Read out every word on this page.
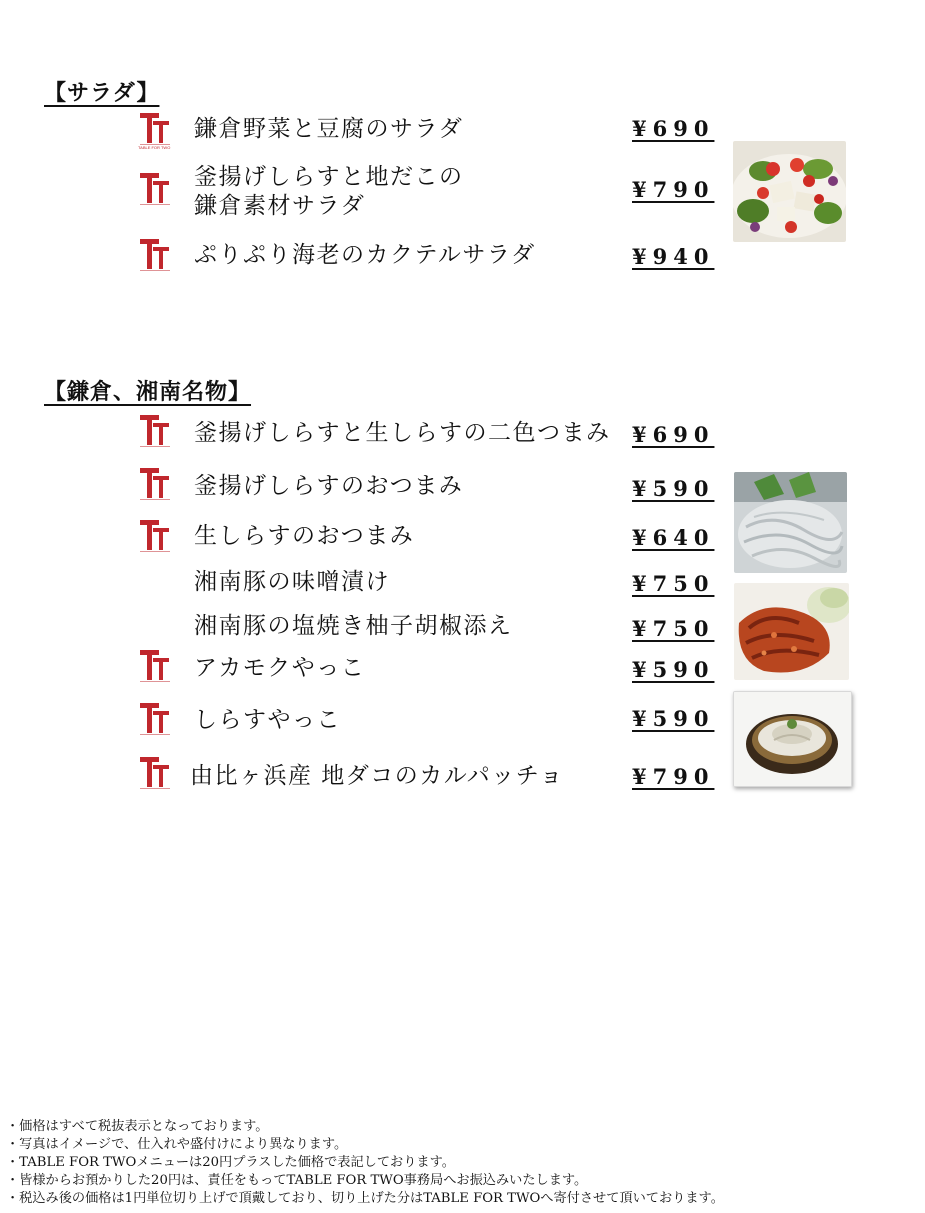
【サラダ】
TABLE FOR TWO
鎌倉野菜と豆腐のサラダ	¥690
釜揚げしらすと地だこの
鎌倉素材サラダ
¥790
ぷりぷり海老のカクテルサラダ	¥940
【鎌倉、湘南名物】
釜揚げしらすと生しらすの二色つまみ ¥690
釜揚げしらすのおつまみ	¥590
生しらすのおつまみ	¥640
湘南豚の味噌漬け	¥750
湘南豚の塩焼き柚子胡椒添え	¥750
アカモクやっこ	¥590
しらすやっこ	¥590
由比ヶ浜産 地ダコのカルパッチョ	¥790
・価格はすべて税抜表示となっております。
・写真はイメージで、仕入れや盛付けにより異なります。
・TABLE FOR TWOメニューは20円プラスした価格で表記しております。
・皆様からお預かりした20円は、責任をもってTABLE FOR TWO事務局へお振込みいたします。
・税込み後の価格は1円単位切り上げで頂戴しており、切り上げた分はTABLE FOR TWOへ寄付させて頂いております。
